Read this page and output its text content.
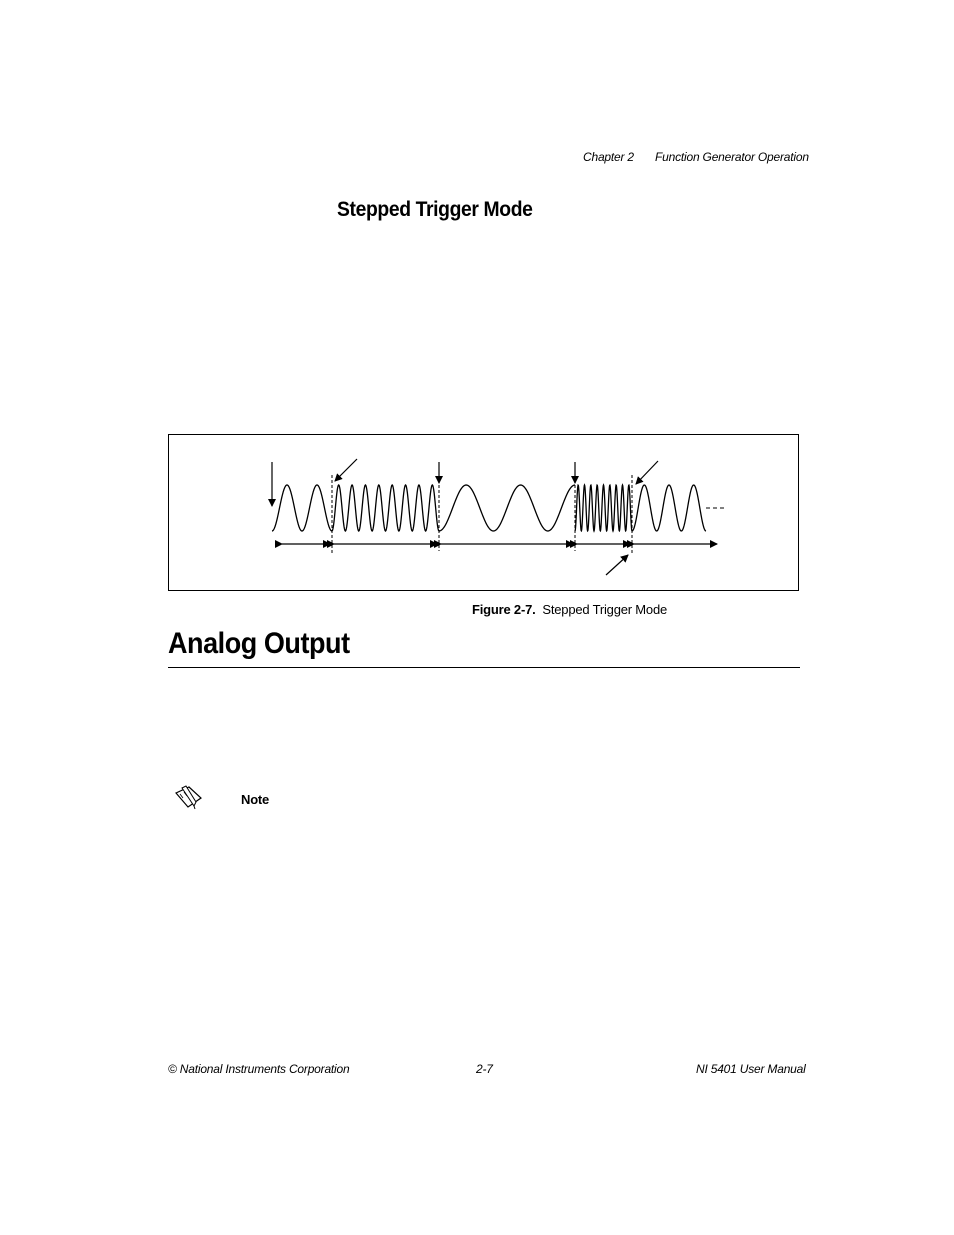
Chapter 2 Function Generator Operation
Stepped Trigger Mode
Figure 2-7. Stepped Trigger Mode
Analog Output
Note
© National Instruments Corporation	2-7	NI 5401 User Manual
